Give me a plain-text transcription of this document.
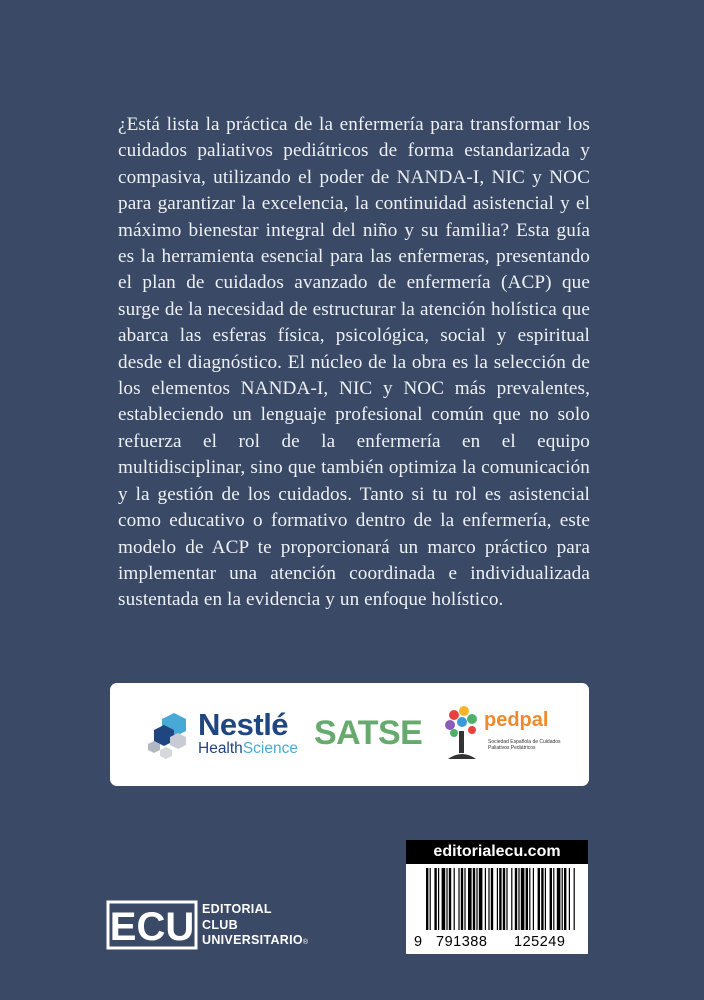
¿Está lista la práctica de la enfermería para transformar los cuidados paliativos pediátricos de forma estandarizada y compasiva, utilizando el poder de NANDA-I, NIC y NOC para garantizar la excelencia, la continuidad asistencial y el máximo bienestar integral del niño y su familia? Esta guía es la herramienta esencial para las enfermeras, presentando el plan de cuidados avanzado de enfermería (ACP) que surge de la necesidad de estructurar la atención holística que abarca las esferas física, psicológica, social y espiritual desde el diagnóstico. El núcleo de la obra es la selección de los elementos NANDA-I, NIC y NOC más prevalentes, estableciendo un lenguaje profesional común que no solo refuerza el rol de la enfermería en el equipo multidisciplinar, sino que también optimiza la comunicación y la gestión de los cuidados. Tanto si tu rol es asistencial como educativo o formativo dentro de la enfermería, este modelo de ACP te proporcionará un marco práctico para implementar una atención coordinada e individualizada sustentada en la evidencia y un enfoque holístico.
Nestlé
HealthScience SATSE	pedpal
Sociedad Española de Cuidados Paliativos Pediátricos
editorialecu.com
9 791388 125249
ECU EDITORIAL
CLUB
UNIVERSITARIO®
